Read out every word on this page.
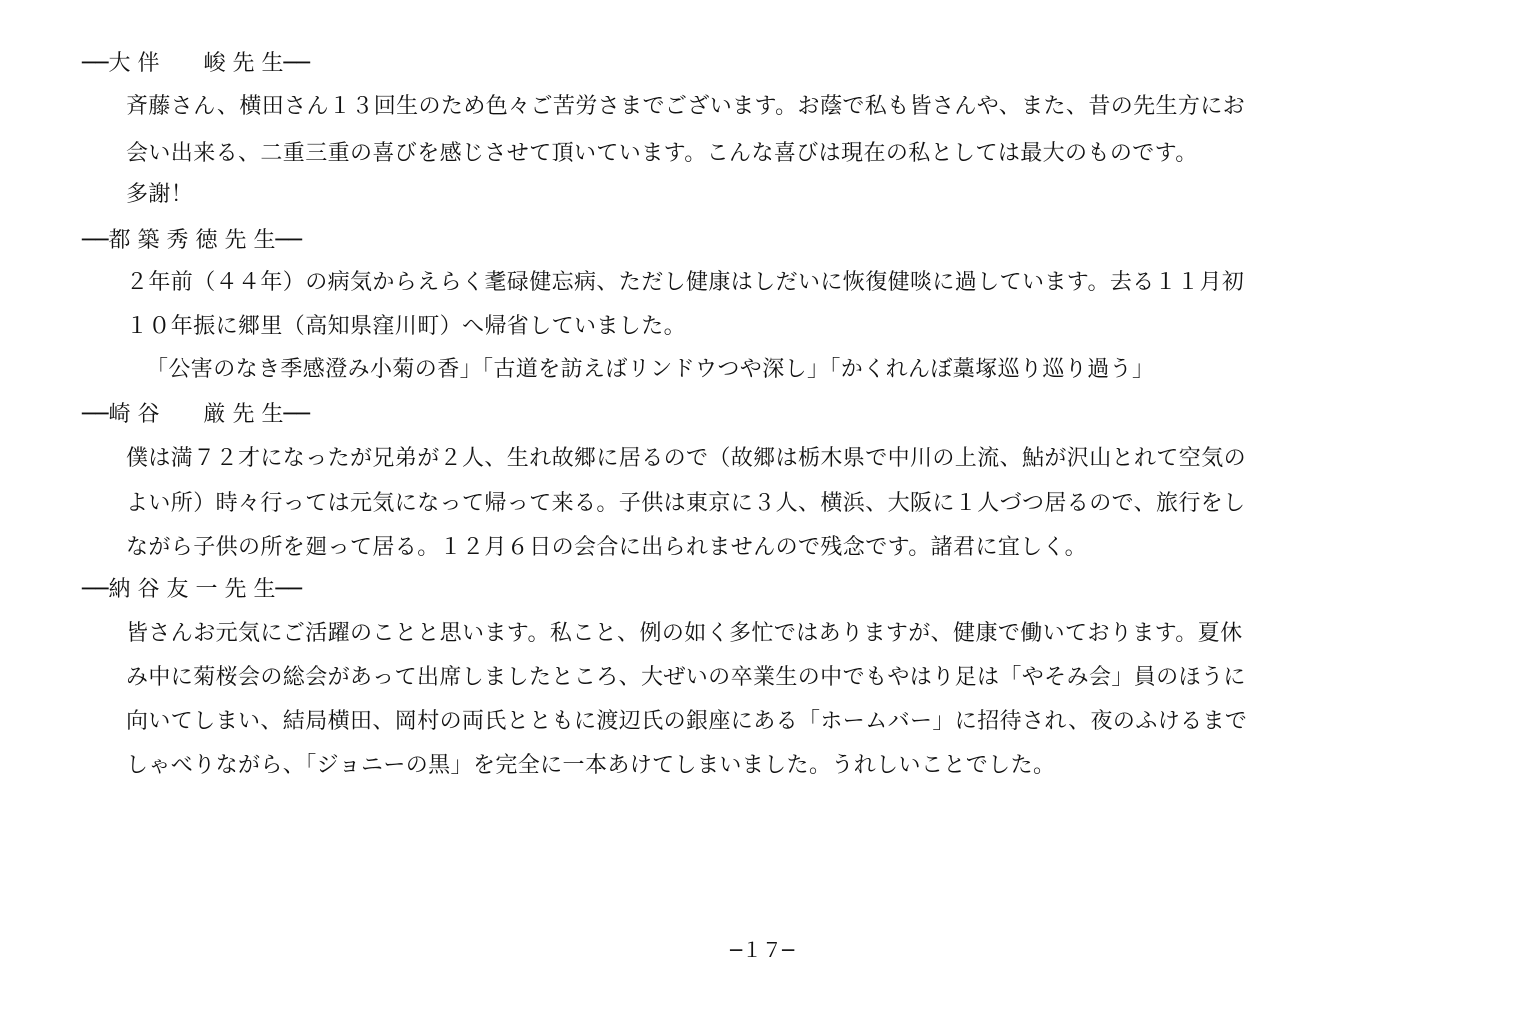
──大 伴　　峻 先 生──
斉藤さん、横田さん１３回生のため色々ご苦労さまでございます。お蔭で私も皆さんや、また、昔の先生方にお
会い出来る、二重三重の喜びを感じさせて頂いています。こんな喜びは現在の私としては最大のものです。
多謝！
──都 築 秀 徳 先 生──
２年前（４４年）の病気からえらく耄碌健忘病、ただし健康はしだいに恢復健啖に過しています。去る１１月初
１０年振に郷里（高知県窪川町）へ帰省していました。
「公害のなき季感澄み小菊の香」「古道を訪えばリンドウつや深し」「かくれんぼ藁塚巡り巡り過う」
──崎 谷　　厳 先 生──
僕は満７２才になったが兄弟が２人、生れ故郷に居るので（故郷は栃木県で中川の上流、鮎が沢山とれて空気の
よい所）時々行っては元気になって帰って来る。子供は東京に３人、横浜、大阪に１人づつ居るので、旅行をし
ながら子供の所を廻って居る。１２月６日の会合に出られませんので残念です。諸君に宜しく。
──納 谷 友 一 先 生──
皆さんお元気にご活躍のことと思います。私こと、例の如く多忙ではありますが、健康で働いております。夏休
み中に菊桜会の総会があって出席しましたところ、大ぜいの卒業生の中でもやはり足は「やそみ会」員のほうに
向いてしまい、結局横田、岡村の両氏とともに渡辺氏の銀座にある「ホームバー」に招待され、夜のふけるまで
しゃべりながら、「ジョニーの黒」を完全に一本あけてしまいました。うれしいことでした。
─１７─
